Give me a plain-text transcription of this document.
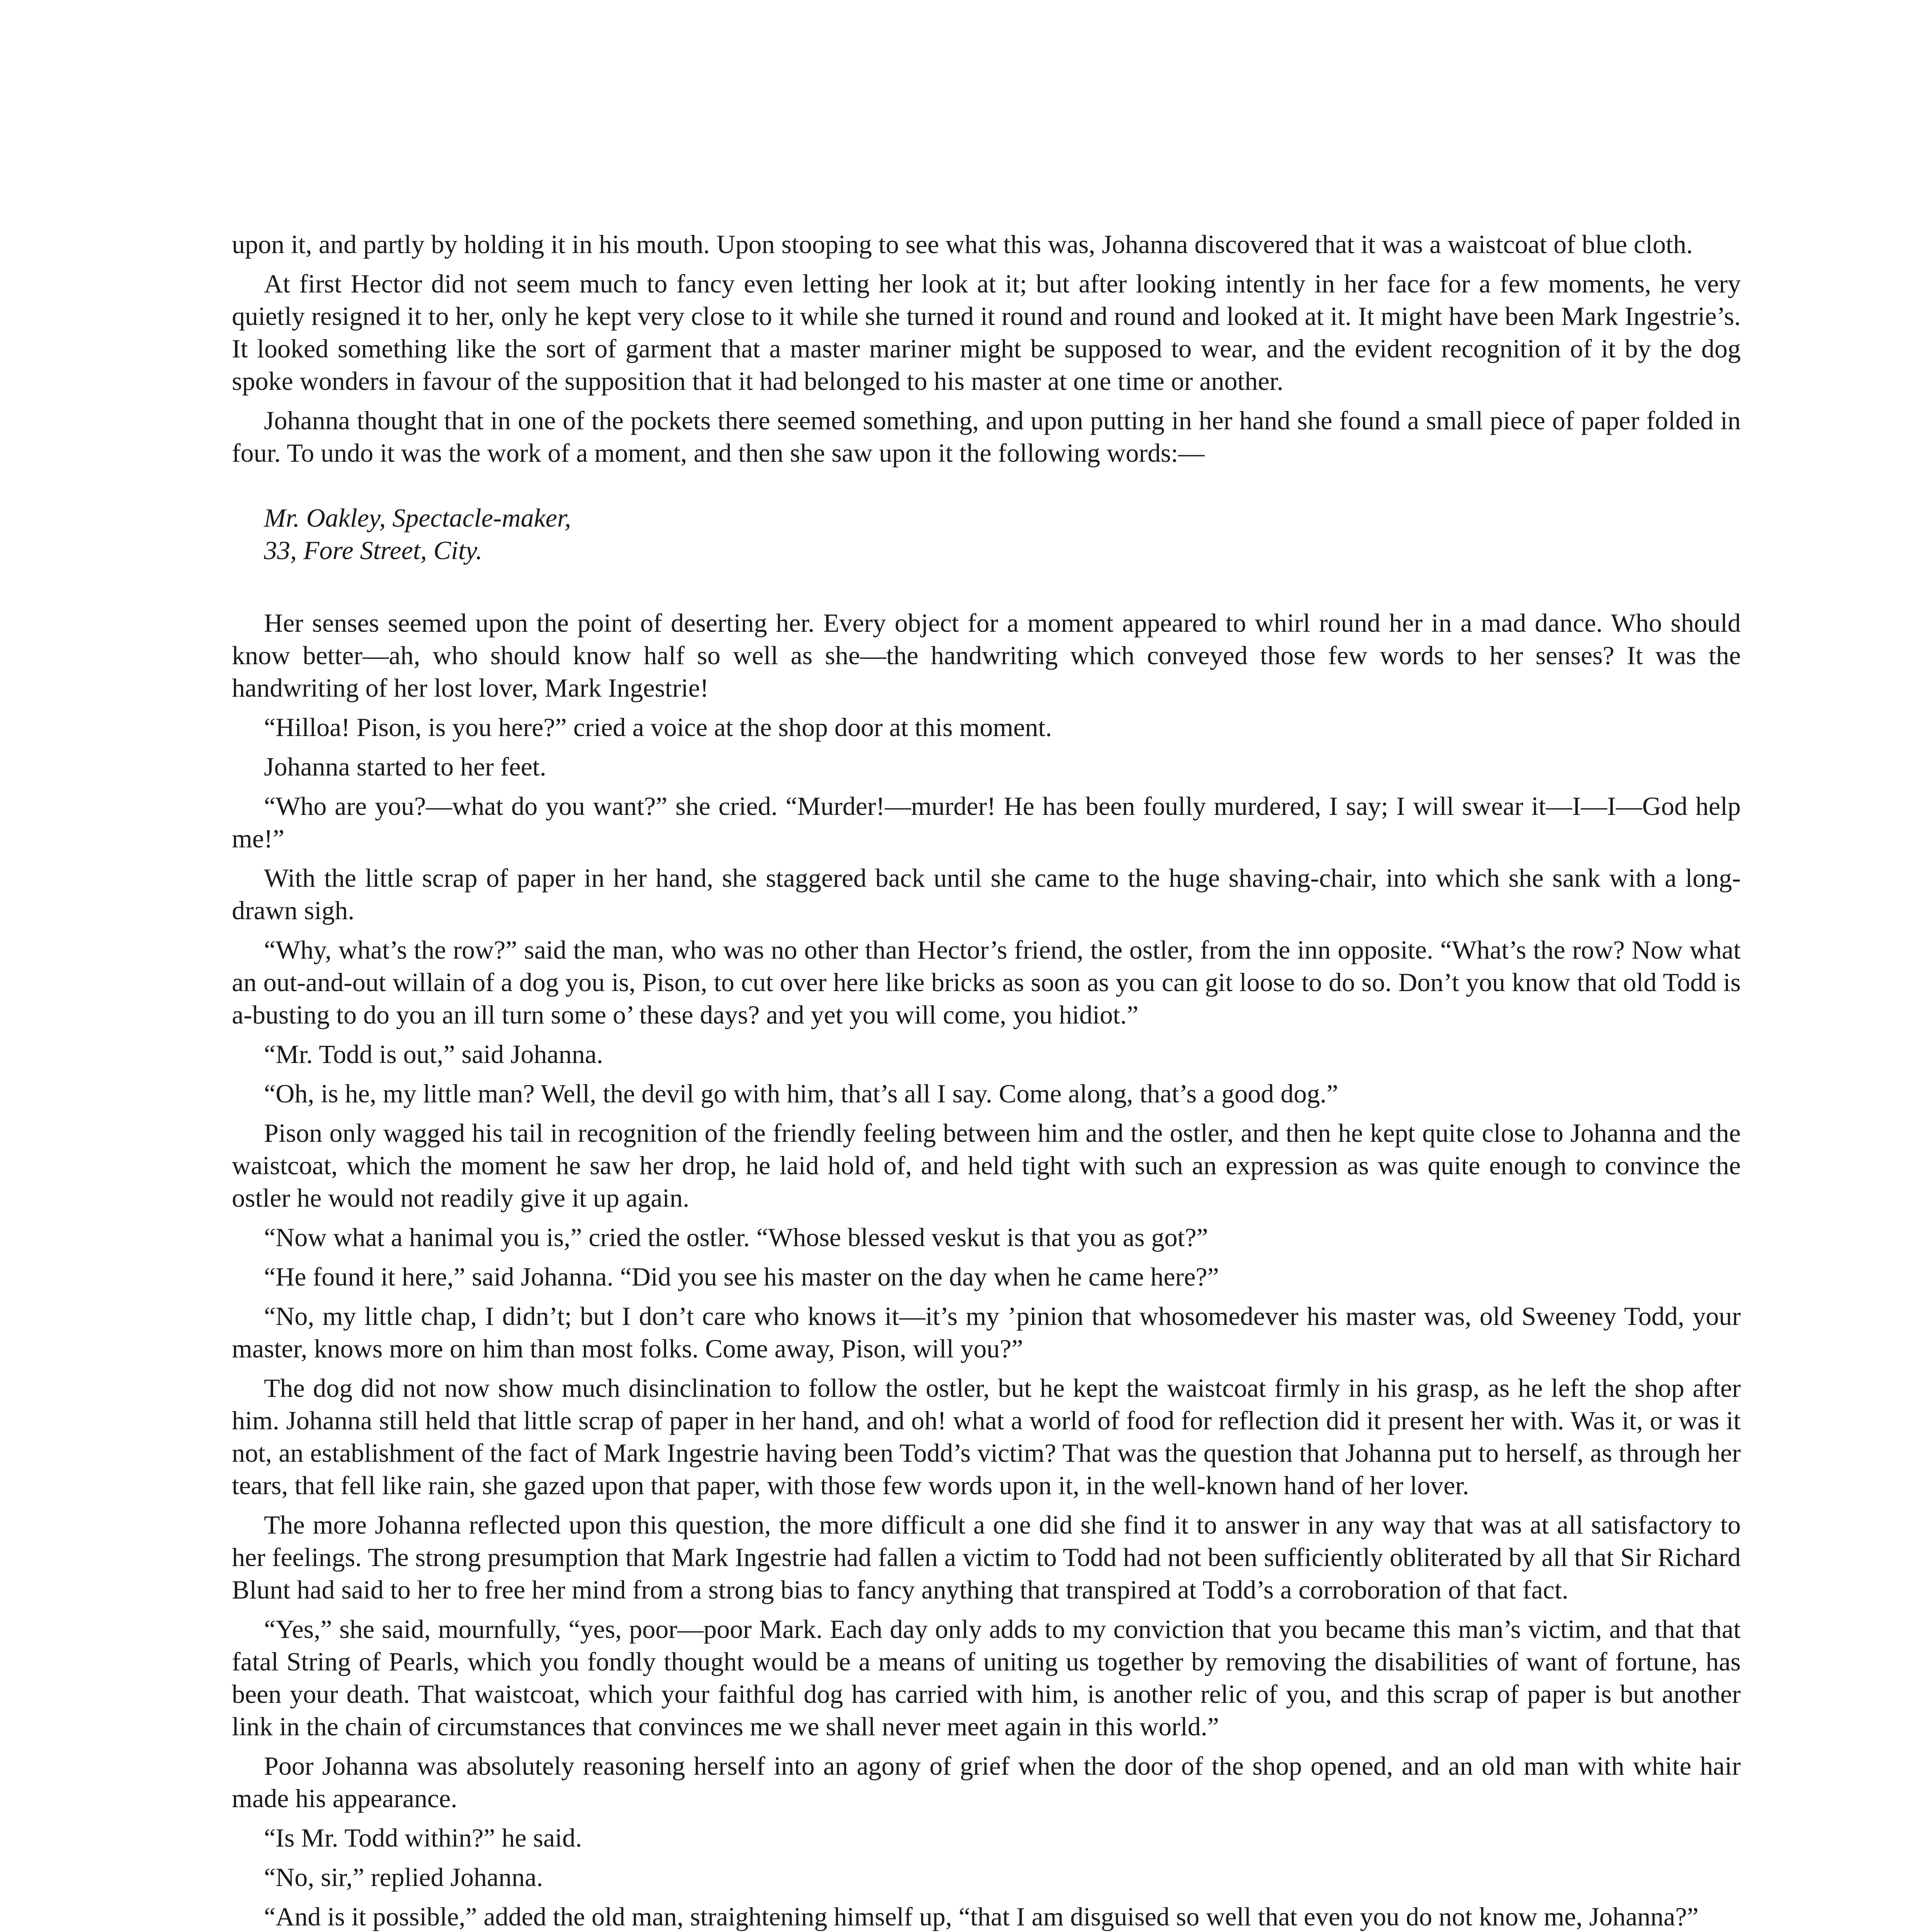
upon it, and partly by holding it in his mouth. Upon stooping to see what this was, Johanna discovered that it was a waistcoat of blue cloth.

At first Hector did not seem much to fancy even letting her look at it; but after looking intently in her face for a few moments, he very quietly resigned it to her, only he kept very close to it while she turned it round and round and looked at it. It might have been Mark Ingestrie’s. It looked something like the sort of garment that a master mariner might be supposed to wear, and the evident recognition of it by the dog spoke wonders in favour of the supposition that it had belonged to his master at one time or another.

Johanna thought that in one of the pockets there seemed something, and upon putting in her hand she found a small piece of paper folded in four. To undo it was the work of a moment, and then she saw upon it the following words:—

Mr. Oakley, Spectacle-maker,
33, Fore Street, City.

Her senses seemed upon the point of deserting her. Every object for a moment appeared to whirl round her in a mad dance. Who should know better—ah, who should know half so well as she—the handwriting which conveyed those few words to her senses? It was the handwriting of her lost lover, Mark Ingestrie!

“Hilloa! Pison, is you here?” cried a voice at the shop door at this moment.

Johanna started to her feet.

“Who are you?—what do you want?” she cried. “Murder!—murder! He has been foully murdered, I say; I will swear it—I—I—God help me!”

With the little scrap of paper in her hand, she staggered back until she came to the huge shaving-chair, into which she sank with a long-drawn sigh.

“Why, what’s the row?” said the man, who was no other than Hector’s friend, the ostler, from the inn opposite. “What’s the row? Now what an out-and-out willain of a dog you is, Pison, to cut over here like bricks as soon as you can git loose to do so. Don’t you know that old Todd is a-busting to do you an ill turn some o’ these days? and yet you will come, you hidiot.”

“Mr. Todd is out,” said Johanna.

“Oh, is he, my little man? Well, the devil go with him, that’s all I say. Come along, that’s a good dog.”

Pison only wagged his tail in recognition of the friendly feeling between him and the ostler, and then he kept quite close to Johanna and the waistcoat, which the moment he saw her drop, he laid hold of, and held tight with such an expression as was quite enough to convince the ostler he would not readily give it up again.

“Now what a hanimal you is,” cried the ostler. “Whose blessed veskut is that you as got?”

“He found it here,” said Johanna. “Did you see his master on the day when he came here?”

“No, my little chap, I didn’t; but I don’t care who knows it—it’s my ’pinion that whosomedever his master was, old Sweeney Todd, your master, knows more on him than most folks. Come away, Pison, will you?”

The dog did not now show much disinclination to follow the ostler, but he kept the waistcoat firmly in his grasp, as he left the shop after him. Johanna still held that little scrap of paper in her hand, and oh! what a world of food for reflection did it present her with. Was it, or was it not, an establishment of the fact of Mark Ingestrie having been Todd’s victim? That was the question that Johanna put to herself, as through her tears, that fell like rain, she gazed upon that paper, with those few words upon it, in the well-known hand of her lover.

The more Johanna reflected upon this question, the more difficult a one did she find it to answer in any way that was at all satisfactory to her feelings. The strong presumption that Mark Ingestrie had fallen a victim to Todd had not been sufficiently obliterated by all that Sir Richard Blunt had said to her to free her mind from a strong bias to fancy anything that transpired at Todd’s a corroboration of that fact.

“Yes,” she said, mournfully, “yes, poor—poor Mark. Each day only adds to my conviction that you became this man’s victim, and that that fatal String of Pearls, which you fondly thought would be a means of uniting us together by removing the disabilities of want of fortune, has been your death. That waistcoat, which your faithful dog has carried with him, is another relic of you, and this scrap of paper is but another link in the chain of circumstances that convinces me we shall never meet again in this world.”

Poor Johanna was absolutely reasoning herself into an agony of grief when the door of the shop opened, and an old man with white hair made his appearance.

“Is Mr. Todd within?” he said.

“No, sir,” replied Johanna.

“And is it possible,” added the old man, straightening himself up, “that I am disguised so well that even you do not know me, Johanna?”
